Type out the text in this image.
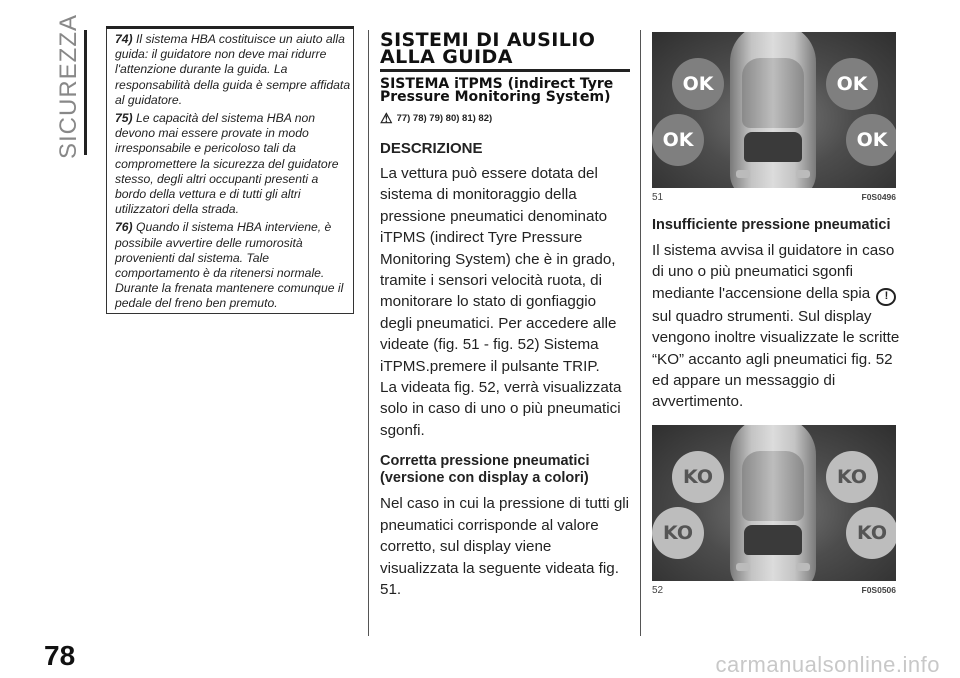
SICUREZZA	74) Il sistema HBA costituisce un aiuto alla guida: il guidatore non deve mai ridurre l'attenzione durante la guida. La responsabilità della guida è sempre affidata al guidatore.

75) Le capacità del sistema HBA non devono mai essere provate in modo irresponsabile e pericoloso tali da compromettere la sicurezza del guidatore stesso, degli altri occupanti presenti a bordo della vettura e di tutti gli altri utilizzatori della strada.

76) Quando il sistema HBA interviene, è possibile avvertire delle rumorosità provenienti dal sistema. Tale comportamento è da ritenersi normale. Durante la frenata mantenere comunque il pedale del freno ben premuto.

SISTEMI DI AUSILIO ALLA GUIDA
SISTEMA iTPMS (indirect Tyre Pressure Monitoring System)
⚠ 77) 78) 79) 80) 81) 82)
DESCRIZIONE

La vettura può essere dotata del sistema di monitoraggio della pressione pneumatici denominato iTPMS (indirect Tyre Pressure Monitoring System) che è in grado, tramite i sensori velocità ruota, di monitorare lo stato di gonfiaggio degli pneumatici. Per accedere alle videate (fig. 51 - fig. 52) Sistema iTPMS.premere il pulsante TRIP.

La videata fig. 52, verrà visualizzata solo in caso di uno o più pneumatici sgonfi.

Corretta pressione pneumatici (versione con display a colori)

Nel caso in cui la pressione di tutti gli pneumatici corrisponde al valore corretto, sul display viene visualizzata la seguente videata fig. 51.

OK	OK
OK	OK
51	F0S0496
Insufficiente pressione pneumatici

Il sistema avvisa il guidatore in caso di uno o più pneumatici sgonfi mediante l'accensione della spia ! sul quadro strumenti. Sul display vengono inoltre visualizzate le scritte “KO” accanto agli pneumatici fig. 52 ed appare un messaggio di avvertimento.

KO	KO
KO	KO
52	F0S0506
78	carmanualsonline.info
